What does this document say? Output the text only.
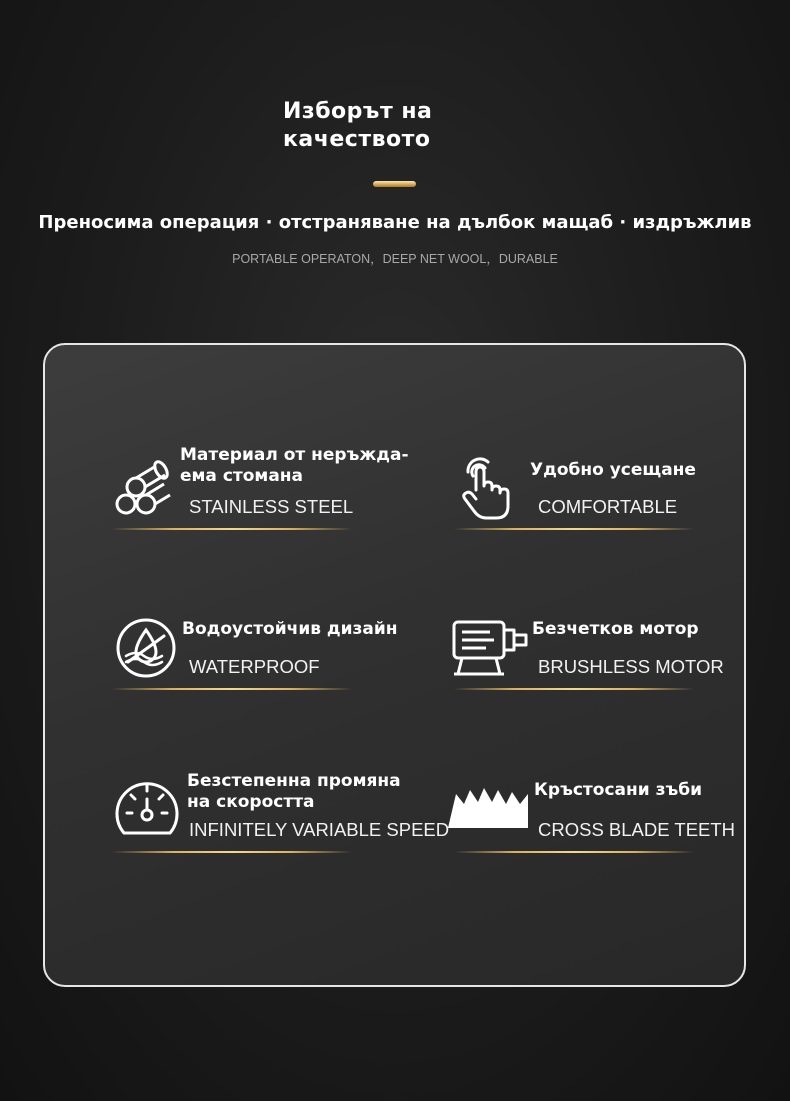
Изборът на качеството
Преносима операция · отстраняване на дълбок мащаб · издръжлив
PORTABLE OPERATON，DEEP NET WOOL，DURABLE
Материал от неръжда-
ема стомана
STAINLESS STEEL
Удобно усещане
COMFORTABLE
Водоустойчив дизайн
WATERPROOF
Безчетков мотор
BRUSHLESS MOTOR
Безстепенна промяна
на скоростта
INFINITELY VARIABLE SPEED
Кръстосани зъби
CROSS BLADE TEETH
